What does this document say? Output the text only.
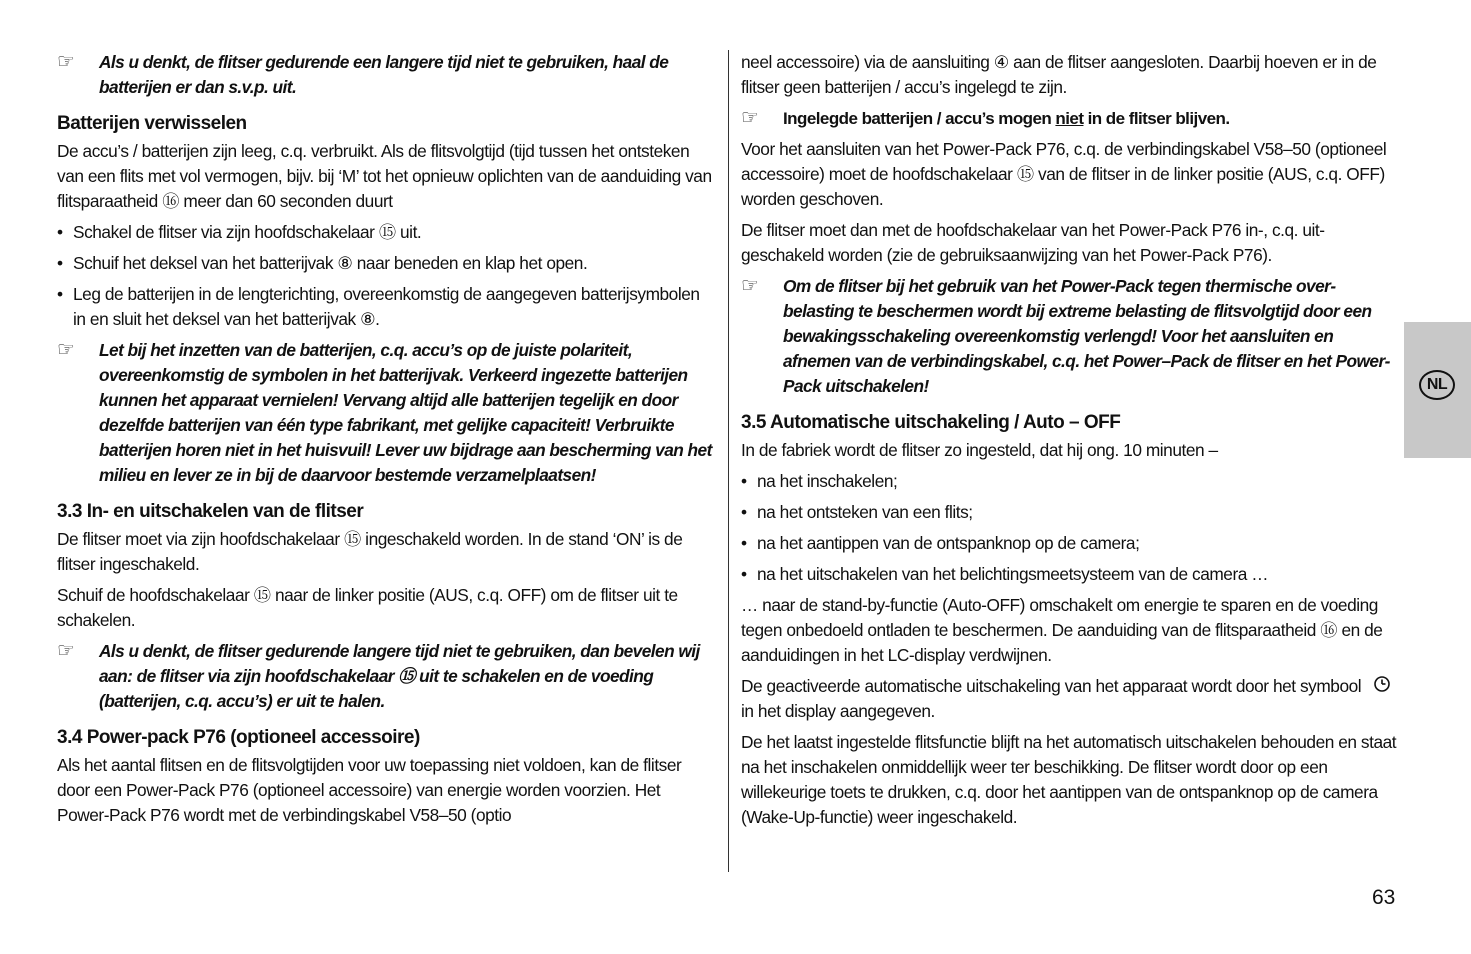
☞ Als u denkt, de flitser gedurende een langere tijd niet te gebruiken, haal de batterijen er dan s.v.p. uit.
Batterijen verwisselen

De accu’s / batterijen zijn leeg, c.q. verbruikt. Als de flitsvolgtijd (tijd tussen het ontsteken van een flits met vol vermogen, bijv. bij ‘M’ tot het opnieuw oplichten van de aanduiding van flitsparaatheid ⑯ meer dan 60 seconden duurt

• Schakel de flitser via zijn hoofdschakelaar ⑮ uit.
• Schuif het deksel van het batterijvak ⑧ naar beneden en klap het open.
• Leg de batterijen in de lengterichting, overeenkomstig de aangegeven batterijsymbolen in en sluit het deksel van het batterijvak ⑧.
☞ Let bij het inzetten van de batterijen, c.q. accu’s op de juiste polariteit, overeenkomstig de symbolen in het batterijvak. Verkeerd ingezette batterijen kunnen het apparaat vernielen! Vervang altijd alle batterijen tegelijk en door dezelfde batterijen van één type fabrikant, met gelijke capaciteit! Verbruikte batterijen horen niet in het huisvuil! Lever uw bijdrage aan bescherming van het milieu en lever ze in bij de daarvoor bestemde verzamelplaatsen!
3.3 In- en uitschakelen van de flitser

De flitser moet via zijn hoofdschakelaar ⑮ ingeschakeld worden. In de stand ‘ON’ is de flitser ingeschakeld.

Schuif de hoofdschakelaar ⑮ naar de linker positie (AUS, c.q. OFF) om de flitser uit te schakelen.

☞ Als u denkt, de flitser gedurende langere tijd niet te gebruiken, dan bevelen wij aan: de flitser via zijn hoofdschakelaar ⑮ uit te schakelen en de voeding (batterijen, c.q. accu’s) er uit te halen.
3.4 Power-pack P76 (optioneel accessoire)

Als het aantal flitsen en de flitsvolgtijden voor uw toepassing niet voldoen, kan de flitser door een Power-Pack P76 (optioneel accessoire) van energie worden voorzien. Het Power-Pack P76 wordt met de verbindingskabel V58–50 (optio

neel accessoire) via de aansluiting ④ aan de flitser aangesloten. Daarbij hoeven er in de flitser geen batterijen / accu’s ingelegd te zijn.

☞ Ingelegde batterijen / accu’s mogen niet in de flitser blijven.

Voor het aansluiten van het Power-Pack P76, c.q. de verbindingskabel V58–50 (optioneel accessoire) moet de hoofdschakelaar ⑮ van de flitser in de linker positie (AUS, c.q. OFF) worden geschoven.

De flitser moet dan met de hoofdschakelaar van het Power-Pack P76 in-, c.q. uitgeschakeld worden (zie de gebruiksaanwijzing van het Power-Pack P76).

☞ Om de flitser bij het gebruik van het Power-Pack tegen thermische overbelasting te beschermen wordt bij extreme belasting de flitsvolgtijd door een bewakingsschakeling overeenkomstig verlengd! Voor het aansluiten en afnemen van de verbindingskabel, c.q. het Power–Pack de flitser en het Power-Pack uitschakelen!
3.5 Automatische uitschakeling / Auto – OFF

In de fabriek wordt de flitser zo ingesteld, dat hij ong. 10 minuten –

• na het inschakelen;
• na het ontsteken van een flits;
• na het aantippen van de ontspanknop op de camera;
• na het uitschakelen van het belichtingsmeetsysteem van de camera …

… naar de stand-by-functie (Auto-OFF) omschakelt om energie te sparen en de voeding tegen onbedoeld ontladen te beschermen. De aanduiding van de flitsparaatheid ⑯ en de aanduidingen in het LC-display verdwijnen.

De geactiveerde automatische uitschakeling van het apparaat wordt door het symbool  in het display aangegeven.

De het laatst ingestelde flitsfunctie blijft na het automatisch uitschakelen behouden en staat na het inschakelen onmiddellijk weer ter beschikking. De flitser wordt door op een willekeurige toets te drukken, c.q. door het aantippen van de ontspanknop op de camera (Wake-Up-functie) weer ingeschakeld.

NL
63
